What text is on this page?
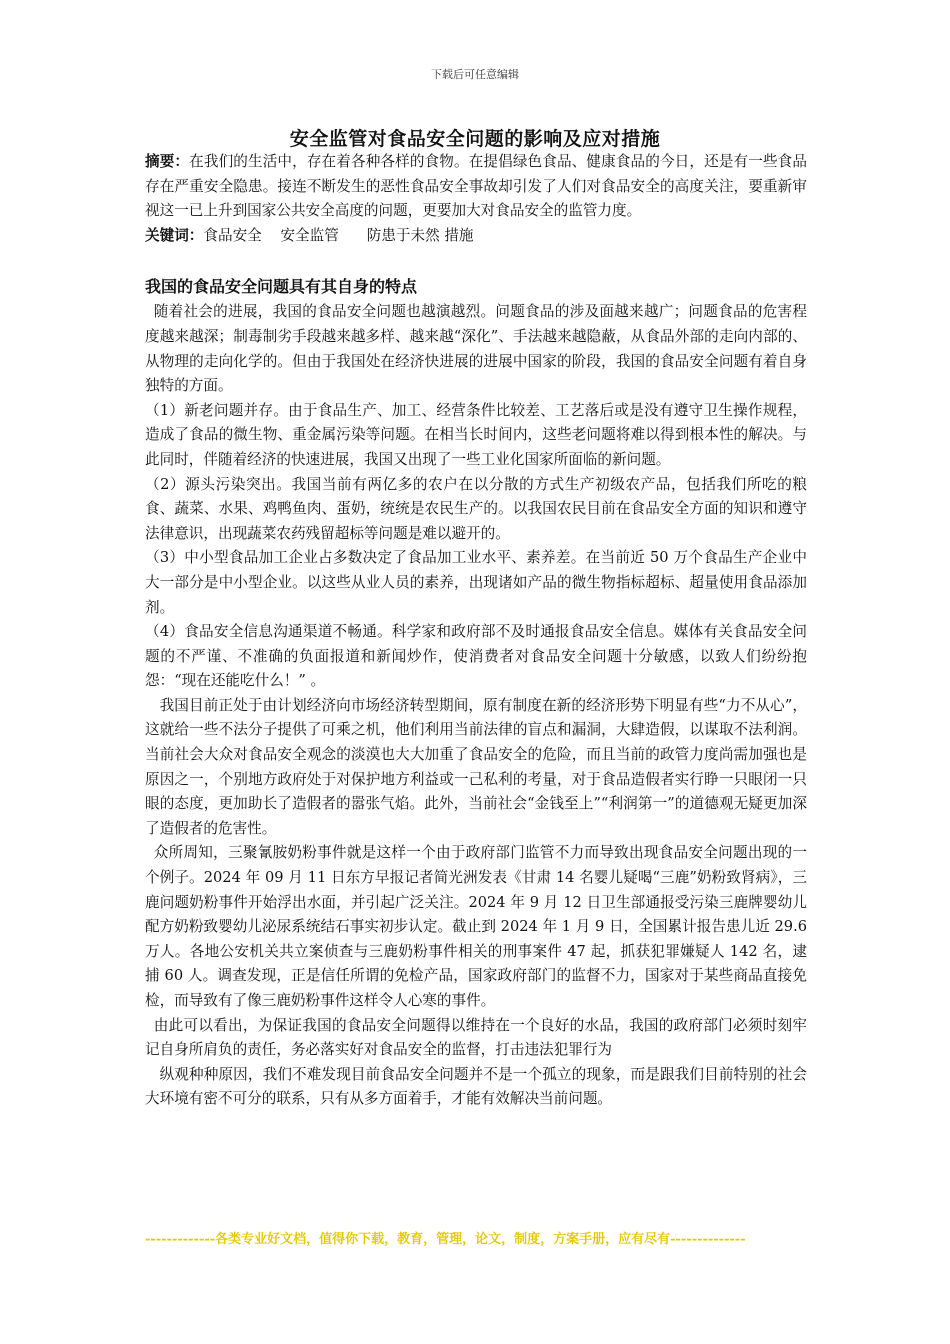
下载后可任意编辑
安全监管对食品安全问题的影响及应对措施

摘要：在我们的生活中，存在着各种各样的食物。在提倡绿色食品、健康食品的今日，还是有一些食品存在严重安全隐患。接连不断发生的恶性食品安全事故却引发了人们对食品安全的高度关注，要重新审视这一已上升到国家公共安全高度的问题，更要加大对食品安全的监管力度。

关键词：食品安全 安全监管 防患于未然 措施

我国的食品安全问题具有其自身的特点

随着社会的进展，我国的食品安全问题也越演越烈。问题食品的涉及面越来越广；问题食品的危害程度越来越深；制毒制劣手段越来越多样、越来越“深化”、手法越来越隐蔽，从食品外部的走向内部的、从物理的走向化学的。但由于我国处在经济快进展的进展中国家的阶段，我国的食品安全问题有着自身独特的方面。

（1）新老问题并存。由于食品生产、加工、经营条件比较差、工艺落后或是没有遵守卫生操作规程，造成了食品的微生物、重金属污染等问题。在相当长时间内，这些老问题将难以得到根本性的解决。与此同时，伴随着经济的快速进展，我国又出现了一些工业化国家所面临的新问题。

（2）源头污染突出。我国当前有两亿多的农户在以分散的方式生产初级农产品，包括我们所吃的粮食、蔬菜、水果、鸡鸭鱼肉、蛋奶，统统是农民生产的。以我国农民目前在食品安全方面的知识和遵守法律意识，出现蔬菜农药残留超标等问题是难以避开的。

（3）中小型食品加工企业占多数决定了食品加工业水平、素养差。在当前近 50 万个食品生产企业中大一部分是中小型企业。以这些从业人员的素养，出现诸如产品的微生物指标超标、超量使用食品添加剂。

（4）食品安全信息沟通渠道不畅通。科学家和政府部不及时通报食品安全信息。媒体有关食品安全问题的不严谨、不准确的负面报道和新闻炒作，使消费者对食品安全问题十分敏感，以致人们纷纷抱怨：“现在还能吃什么！” 。

我国目前正处于由计划经济向市场经济转型期间，原有制度在新的经济形势下明显有些“力不从心”，这就给一些不法分子提供了可乘之机，他们利用当前法律的盲点和漏洞，大肆造假，以谋取不法利润。当前社会大众对食品安全观念的淡漠也大大加重了食品安全的危险，而且当前的政管力度尚需加强也是原因之一，个别地方政府处于对保护地方利益或一己私利的考量，对于食品造假者实行睁一只眼闭一只眼的态度，更加助长了造假者的嚣张气焰。此外，当前社会“金钱至上”“利润第一”的道德观无疑更加深了造假者的危害性。

众所周知，三聚氰胺奶粉事件就是这样一个由于政府部门监管不力而导致出现食品安全问题出现的一个例子。2024 年 09 月 11 日东方早报记者简光洲发表《甘肃 14 名婴儿疑喝“三鹿”奶粉致肾病》，三鹿问题奶粉事件开始浮出水面，并引起广泛关注。2024 年 9 月 12 日卫生部通报受污染三鹿牌婴幼儿配方奶粉致婴幼儿泌尿系统结石事实初步认定。截止到 2024 年 1 月 9 日，全国累计报告患儿近 29.6 万人。各地公安机关共立案侦查与三鹿奶粉事件相关的刑事案件 47 起，抓获犯罪嫌疑人 142 名，逮捕 60 人。调查发现，正是信任所谓的免检产品，国家政府部门的监督不力，国家对于某些商品直接免检，而导致有了像三鹿奶粉事件这样令人心寒的事件。

由此可以看出，为保证我国的食品安全问题得以维持在一个良好的水品，我国的政府部门必须时刻牢记自身所肩负的责任，务必落实好对食品安全的监督，打击违法犯罪行为

纵观种种原因，我们不难发现目前食品安全问题并不是一个孤立的现象，而是跟我们目前特别的社会大环境有密不可分的联系，只有从多方面着手，才能有效解决当前问题。

-------------各类专业好文档，值得你下载，教育，管理，论文，制度，方案手册，应有尽有--------------
